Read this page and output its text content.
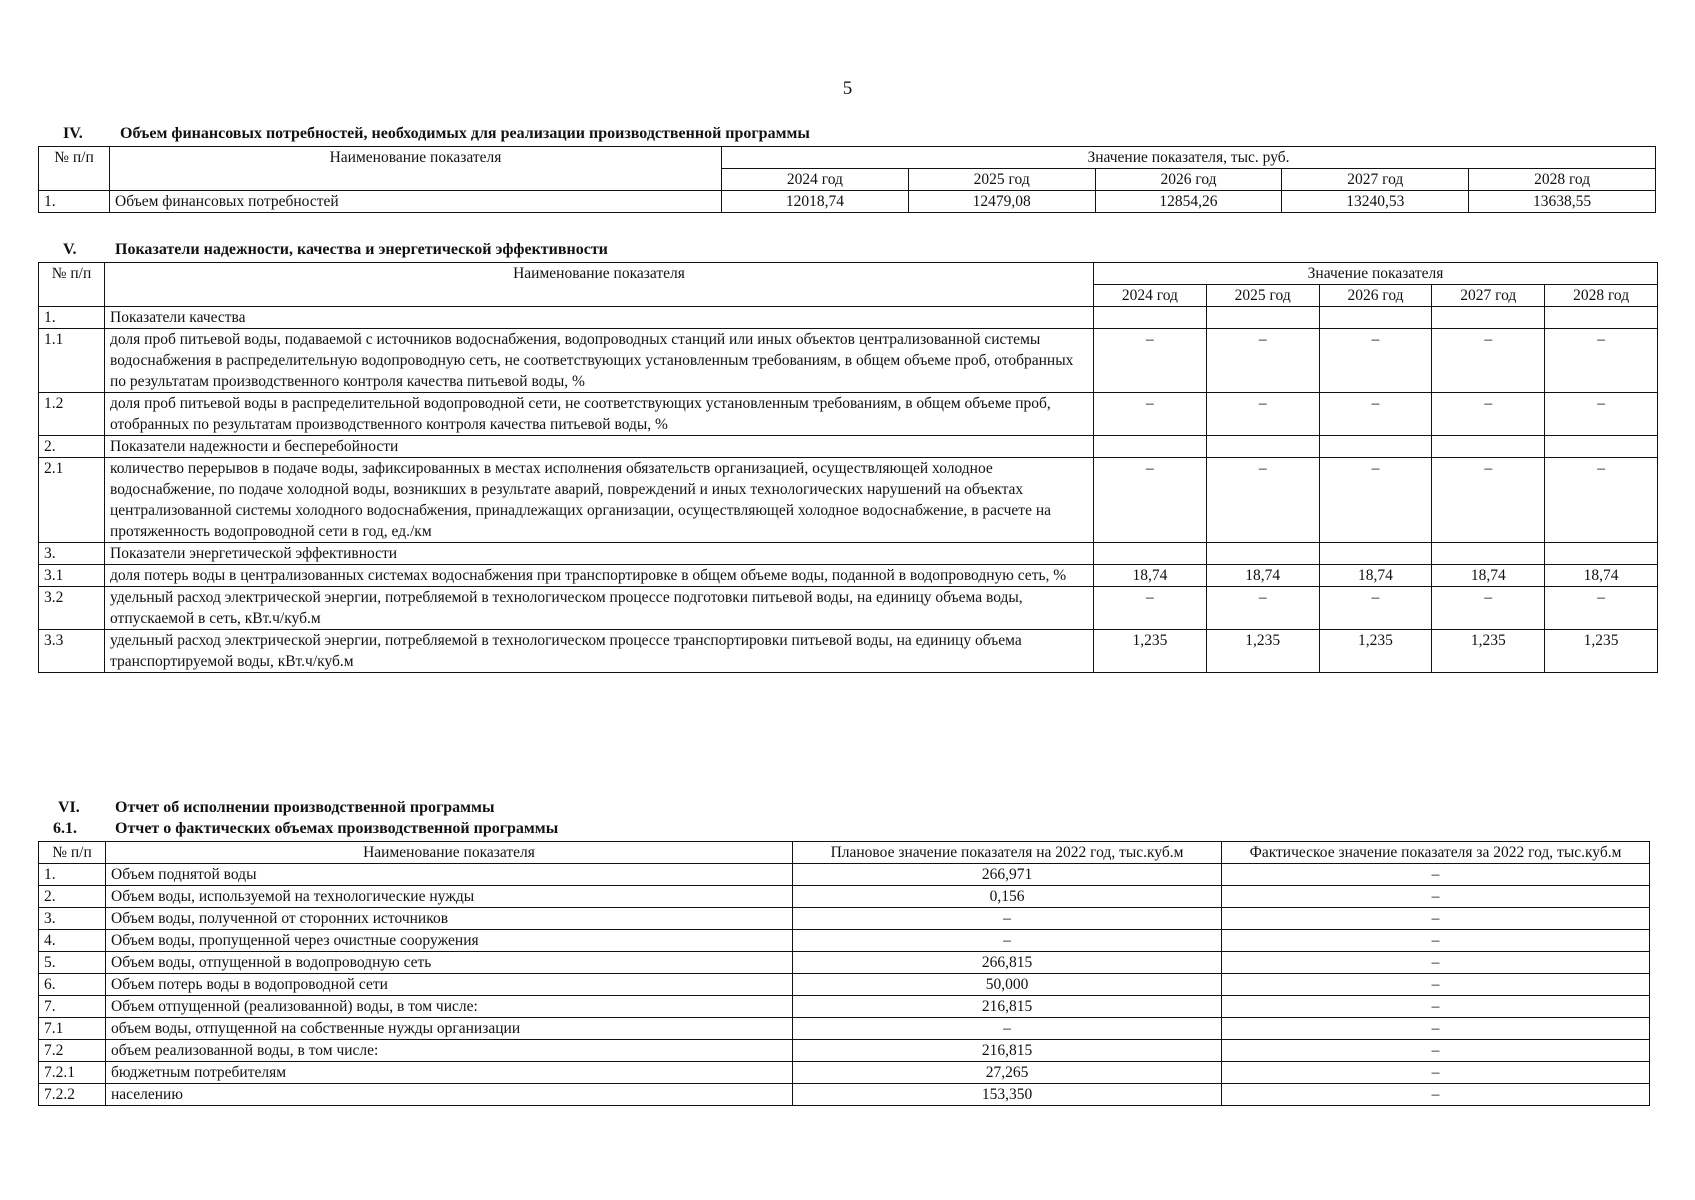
5
IV. Объем финансовых потребностей, необходимых для реализации производственной программы
№ п/п	Наименование показателя	Значение показателя, тыс. руб.				
		2024 год	2025 год	2026 год	2027 год	2028 год
1.	Объем финансовых потребностей	12018,74	12479,08	12854,26	13240,53	13638,55
V. Показатели надежности, качества и энергетической эффективности
№ п/п	Наименование показателя	Значение показателя				
		2024 год	2025 год	2026 год	2027 год	2028 год
1.	Показатели качества					
1.1	доля проб питьевой воды, подаваемой с источников водоснабжения, водопроводных станций или иных объектов централизованной системы водоснабжения в распределительную водопроводную сеть, не соответствующих установленным требованиям, в общем объеме проб, отобранных по результатам производственного контроля качества питьевой воды, %	–	–	–	–	–
1.2	доля проб питьевой воды в распределительной водопроводной сети, не соответствующих установленным требованиям, в общем объеме проб, отобранных по результатам производственного контроля качества питьевой воды, %	–	–	–	–	–
2.	Показатели надежности и бесперебойности					
2.1	количество перерывов в подаче воды, зафиксированных в местах исполнения обязательств организацией, осуществляющей холодное водоснабжение, по подаче холодной воды, возникших в результате аварий, повреждений и иных технологических нарушений на объектах централизованной системы холодного водоснабжения, принадлежащих организации, осуществляющей холодное водоснабжение, в расчете на протяженность водопроводной сети в год, ед./км	–	–	–	–	–
3.	Показатели энергетической эффективности					
3.1	доля потерь воды в централизованных системах водоснабжения при транспортировке в общем объеме воды, поданной в водопроводную сеть, %	18,74	18,74	18,74	18,74	18,74
3.2	удельный расход электрической энергии, потребляемой в технологическом процессе подготовки питьевой воды, на единицу объема воды, отпускаемой в сеть, кВт.ч/куб.м	–	–	–	–	–
3.3	удельный расход электрической энергии, потребляемой в технологическом процессе транспортировки питьевой воды, на единицу объема транспортируемой воды, кВт.ч/куб.м	1,235	1,235	1,235	1,235	1,235
VI. Отчет об исполнении производственной программы
6.1. Отчет о фактических объемах производственной программы
№ п/п	Наименование показателя	Плановое значение показателя на 2022 год, тыс.куб.м	Фактическое значение показателя за 2022 год, тыс.куб.м
1.	Объем поднятой воды	266,971	–
2.	Объем воды, используемой на технологические нужды	0,156	–
3.	Объем воды, полученной от сторонних источников	–	–
4.	Объем воды, пропущенной через очистные сооружения	–	–
5.	Объем воды, отпущенной в водопроводную сеть	266,815	–
6.	Объем потерь воды в водопроводной сети	50,000	–
7.	Объем отпущенной (реализованной) воды, в том числе:	216,815	–
7.1	объем воды, отпущенной на собственные нужды организации	–	–
7.2	объем реализованной воды, в том числе:	216,815	–
7.2.1	бюджетным потребителям	27,265	–
7.2.2	населению	153,350	–
